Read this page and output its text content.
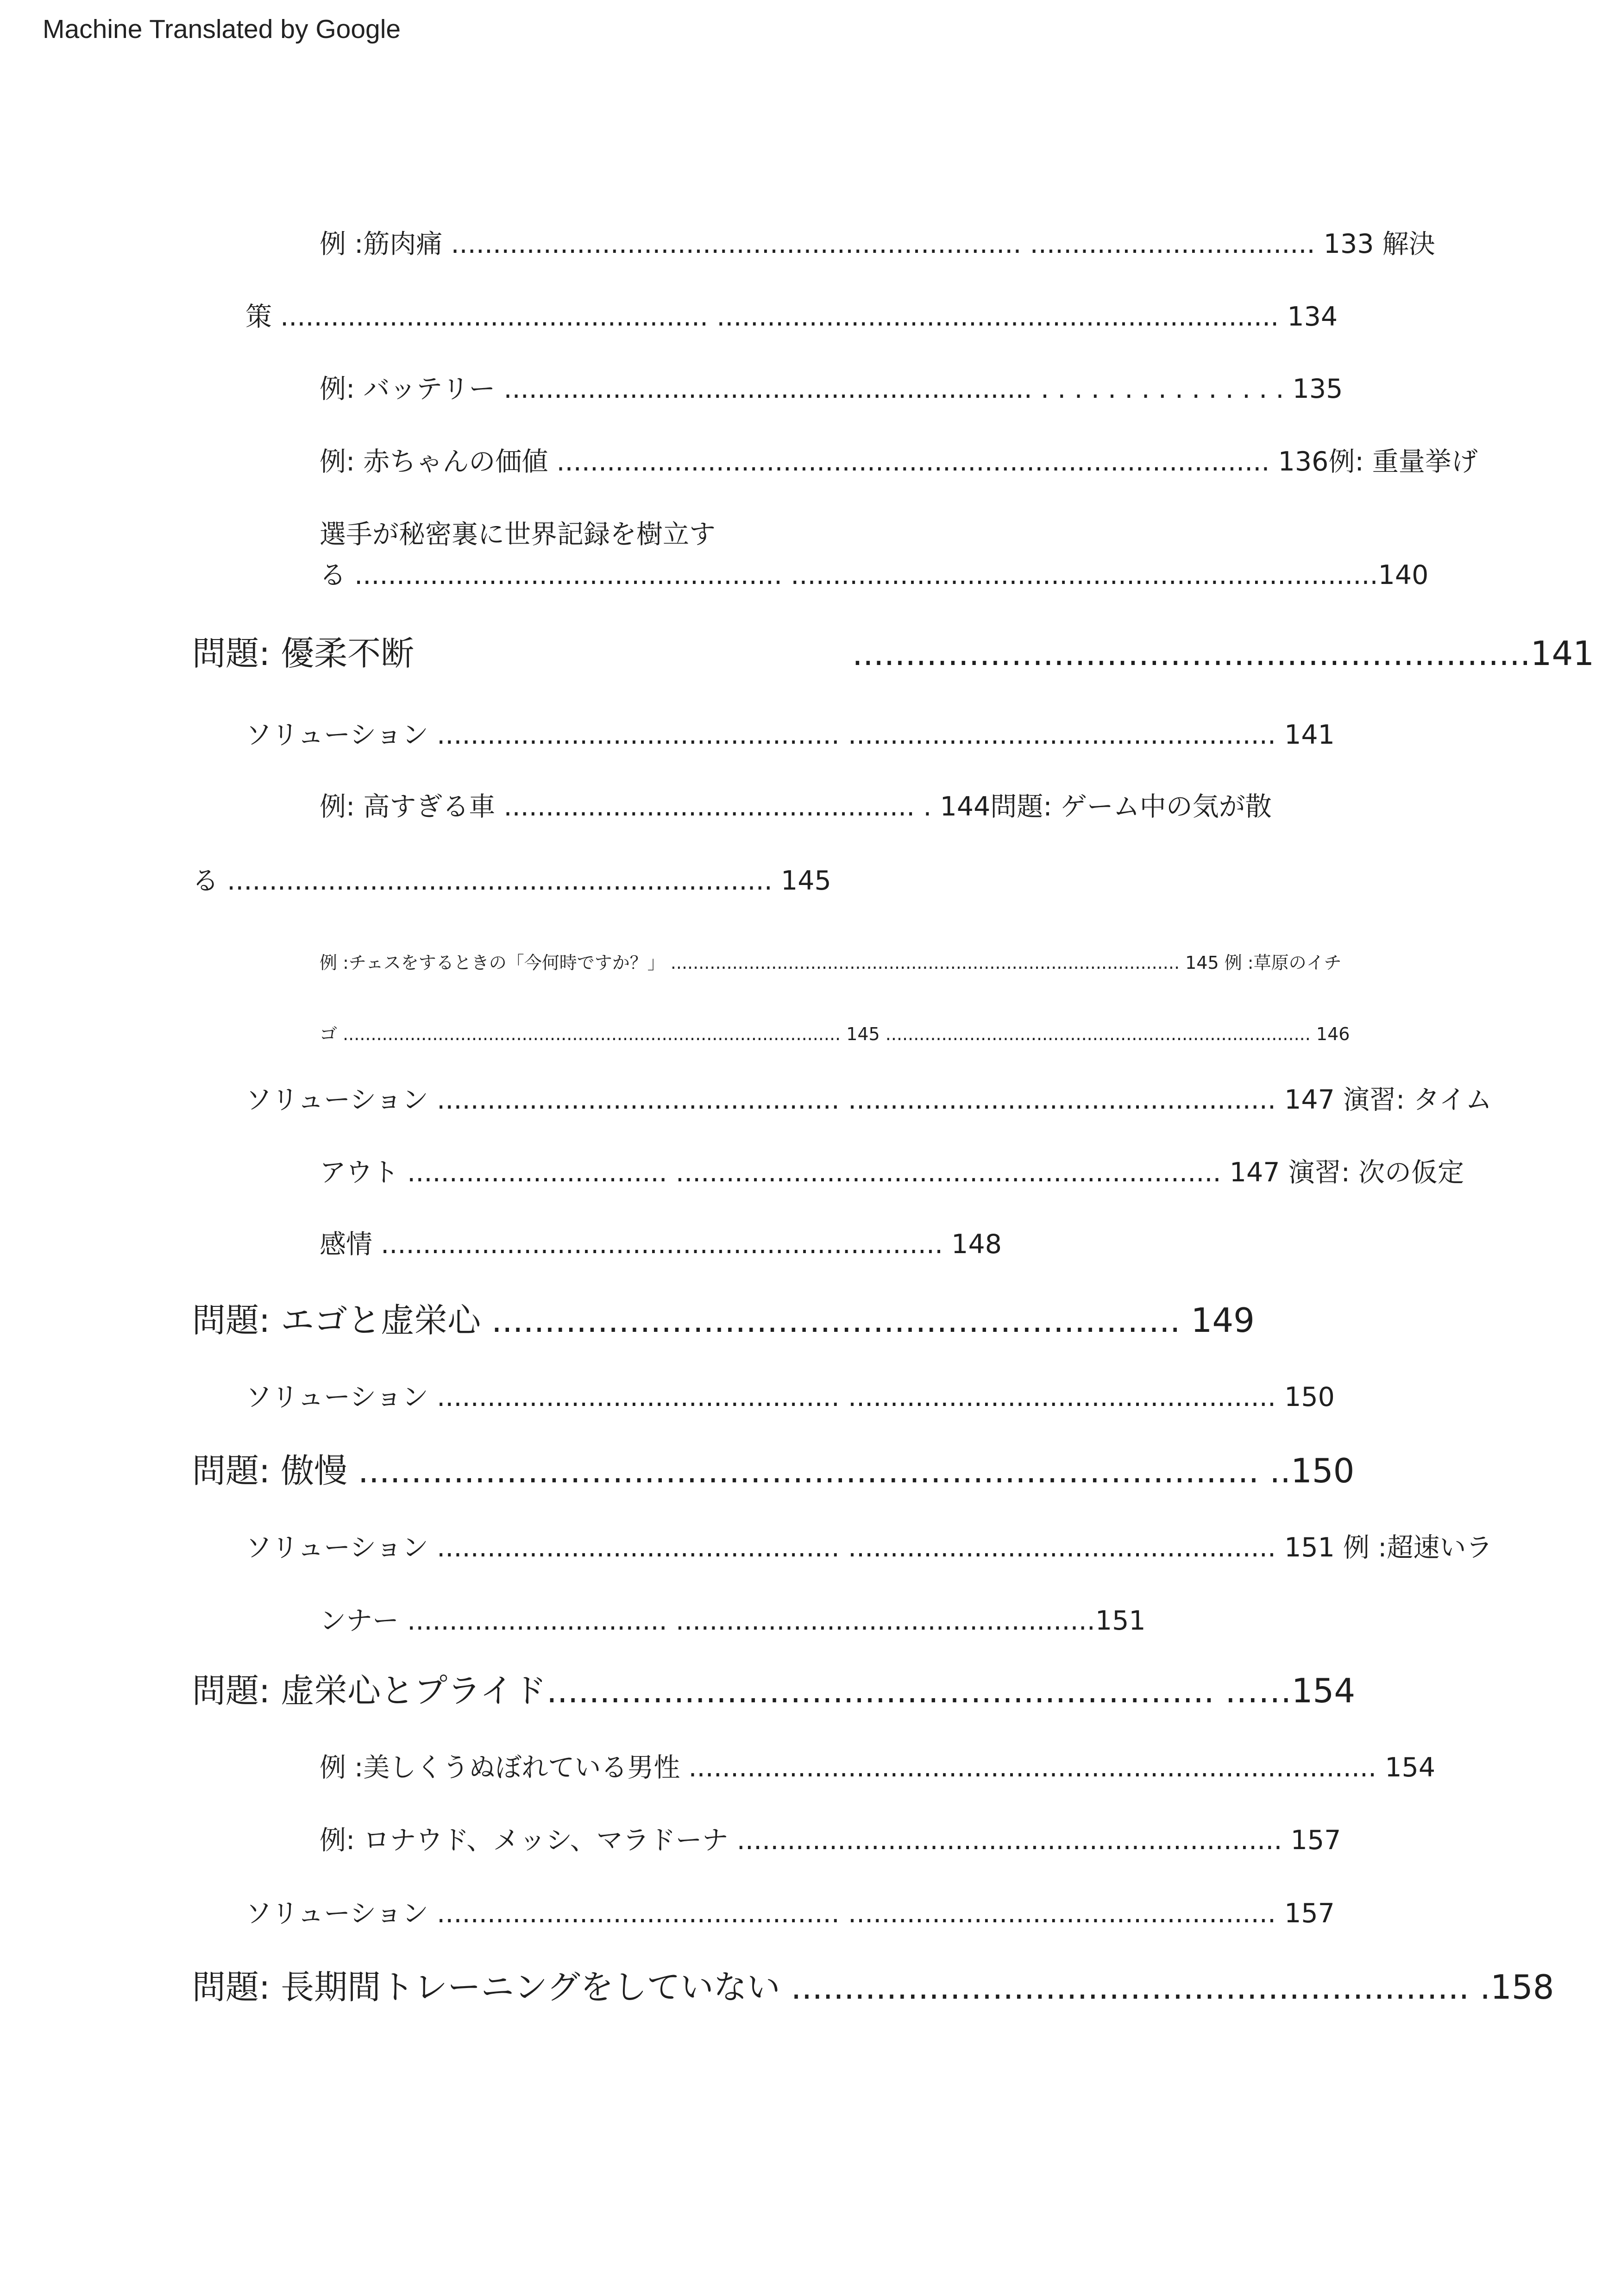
Machine Translated by Google
例 :筋肉痛 .................................................................... .................................. 133 解決
策 ................................................... ................................................................... 134
例: バッテリー ............................................................... . . . . . . . . . . . . . . . 135
例: 赤ちゃんの価値 ..................................................................................... 136例: 重量挙げ
選手が秘密裏に世界記録を樹立す
る ................................................... ......................................................................140
問題: 優柔不断	................................................................141
ソリューション ................................................ ................................................... 141
例: 高すぎる車 ................................................. . 144問題: ゲーム中の気が散
る ................................................................. 145
例 :チェスをするときの「今何時ですか？」 ........................................................................................... 145 例 :草原のイチ
ゴ ......................................................................................... 145 ............................................................................ 146
ソリューション ................................................ ................................................... 147 演習: タイム
アウト ............................... ................................................................. 147 演習: 次の仮定
感情 ................................................................... 148
問題: エゴと虚栄心 ................................................................. 149
ソリューション ................................................ ................................................... 150
問題: 傲慢 ..................................................................................... ..150
ソリューション ................................................ ................................................... 151 例 :超速いラ
ンナー ............................... ..................................................151
問題: 虚栄心とプライド............................................................... ……154
例 :美しくうぬぼれている男性 .................................................................................. 154
例: ロナウド、メッシ、マラドーナ ................................................................. 157
ソリューション ................................................ ................................................... 157
問題: 長期間トレーニングをしていない ................................................................ .158
